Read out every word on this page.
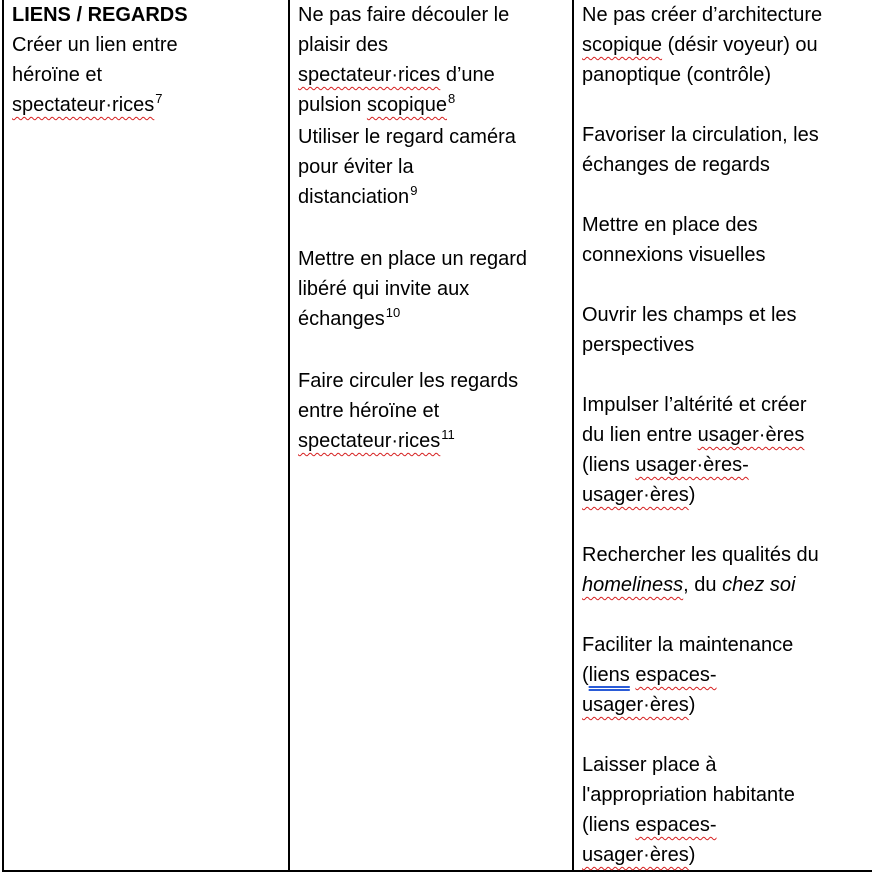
LIENS / REGARDS
Créer un lien entre
héroïne et
spectateur·rices$^7$

Ne pas faire découler le
plaisir des
spectateur·rices d’une
pulsion scopique$^8$
Utiliser le regard caméra
pour éviter la
distanciation$^9$
Mettre en place un regard
libéré qui invite aux
échanges$^{10}$
Faire circuler les regards
entre héroïne et
spectateur·rices$^{11}$

Ne pas créer d’architecture
scopique (désir voyeur) ou
panoptique (contrôle)
Favoriser la circulation, les
échanges de regards
Mettre en place des
connexions visuelles
Ouvrir les champs et les
perspectives
Impulser l’altérité et créer
du lien entre usager·ères
(liens usager·ères-
usager·ères)
Rechercher les qualités du
homeliness, du chez soi
Faciliter la maintenance
(liens espaces-
usager·ères)
Laisser place à
l'appropriation habitante
(liens espaces-
usager·ères)
